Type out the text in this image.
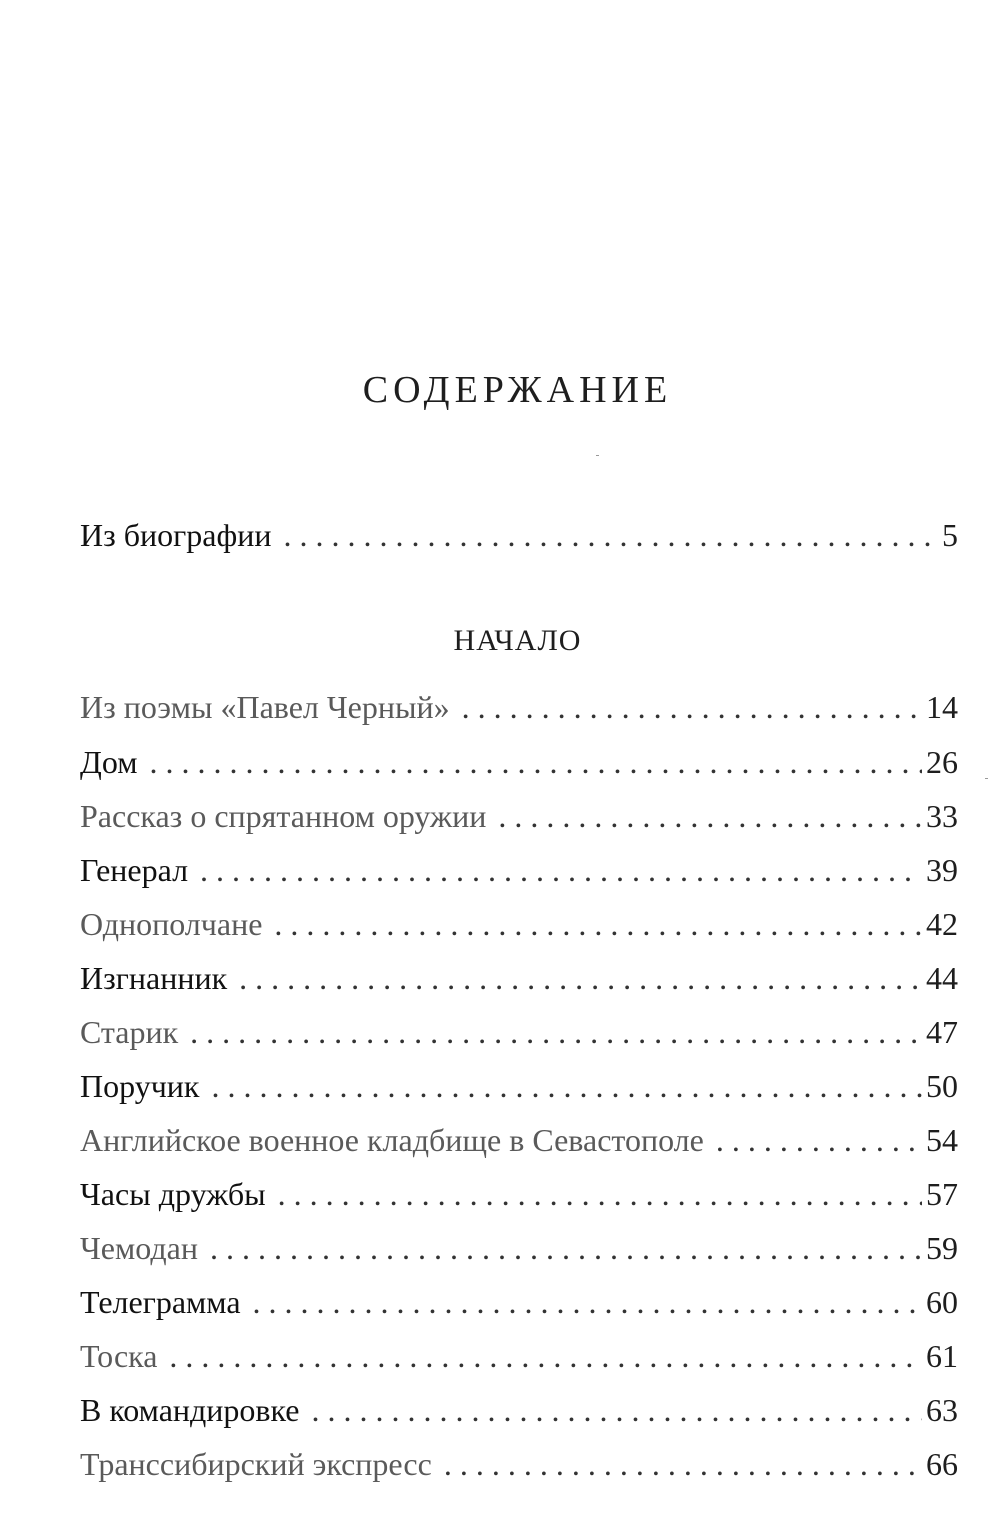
СОДЕРЖАНИЕ
Из биографии . . .	5
НАЧАЛО
Из поэмы «Павел Черный» . . .	14
Дом . . .	26
Рассказ о спрятанном оружии . . .	33
Генерал . . .	39
Однополчане . . .	42
Изгнанник . . .	44
Старик . . .	47
Поручик . . .	50
Английское военное кладбище в Севастополе . . .	54
Часы дружбы . . .	57
Чемодан . . .	59
Телеграмма . . .	60
Тоска . . .	61
В командировке . . .	63
Транссибирский экспресс . . .	66
